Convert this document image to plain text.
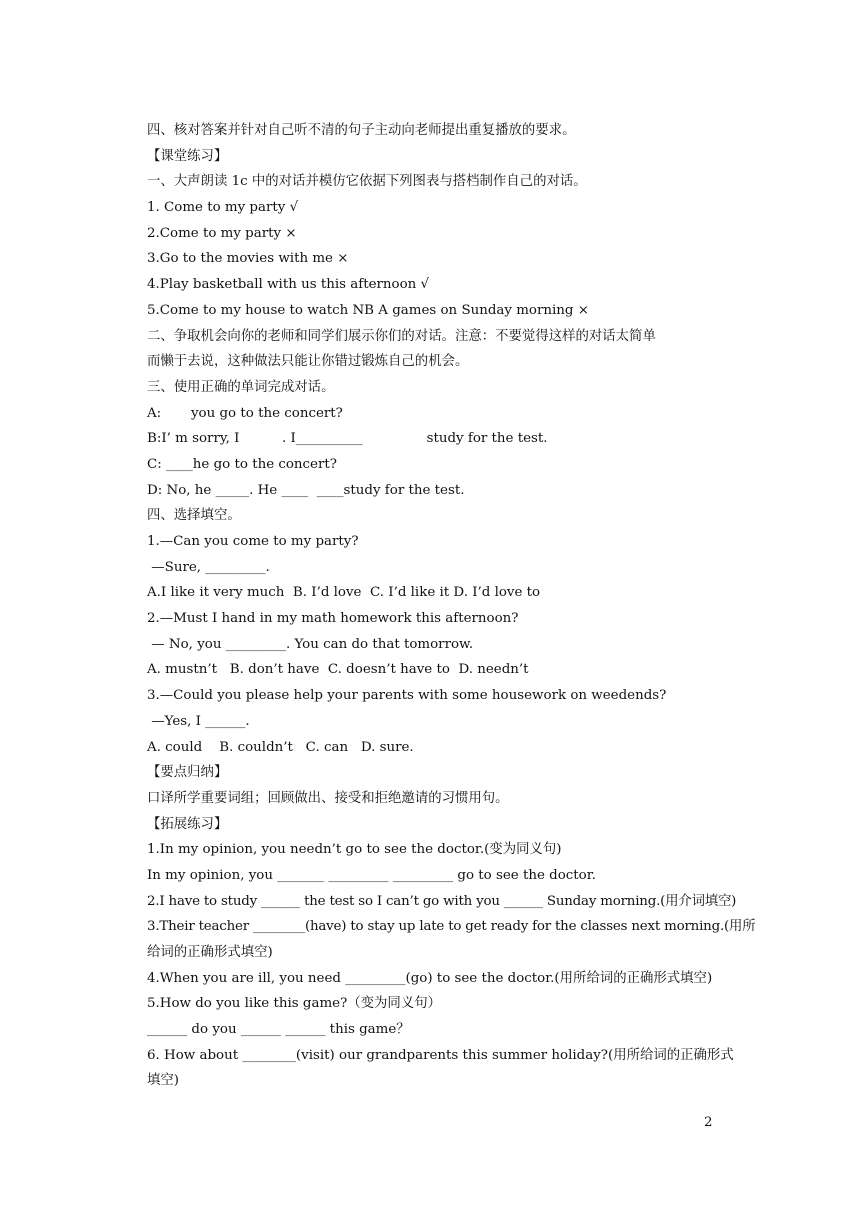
四、核对答案并针对自己听不清的句子主动向老师提出重复播放的要求。
【课堂练习】
一、大声朗读 1c 中的对话并模仿它依据下列图表与搭档制作自己的对话。
1. Come to my party √
2.Come to my party ×
3.Go to the movies with me ×
4.Play basketball with us this afternoon √
5.Come to my house to watch NB A games on Sunday morning ×
二、争取机会向你的老师和同学们展示你们的对话。注意：不要觉得这样的对话太简单
而懒于去说，这种做法只能让你错过锻炼自己的机会。
三、使用正确的单词完成对话。
A:       you go to the concert?
B:I’ m sorry, I          . I__________               study for the test.
C: ____he go to the concert?
D: No, he _____. He ____  ____study for the test.
四、选择填空。
1.—Can you come to my party?
—Sure, _________.
A.I like it very much  B. I’d love  C. I’d like it D. I’d love to
2.—Must I hand in my math homework this afternoon?
— No, you _________. You can do that tomorrow.
A. mustn’t   B. don’t have  C. doesn’t have to  D. needn’t
3.—Could you please help your parents with some housework on weedends?
—Yes, I ______.
A. could    B. couldn’t   C. can   D. sure.
【要点归纳】
口译所学重要词组；回顾做出、接受和拒绝邀请的习惯用句。
【拓展练习】
1.In my opinion, you needn’t go to see the doctor.(变为同义句)
In my opinion, you _______ _________ _________ go to see the doctor.
2.I have to study ______ the test so I can’t go with you ______ Sunday morning.(用介词填空)
3.Their teacher ________(have) to stay up late to get ready for the classes next morning.(用所
给词的正确形式填空)
4.When you are ill, you need _________(go) to see the doctor.(用所给词的正确形式填空)
5.How do you like this game?（变为同义句）
______ do you ______ ______ this game？
6. How about ________(visit) our grandparents this summer holiday?(用所给词的正确形式
填空)
2
